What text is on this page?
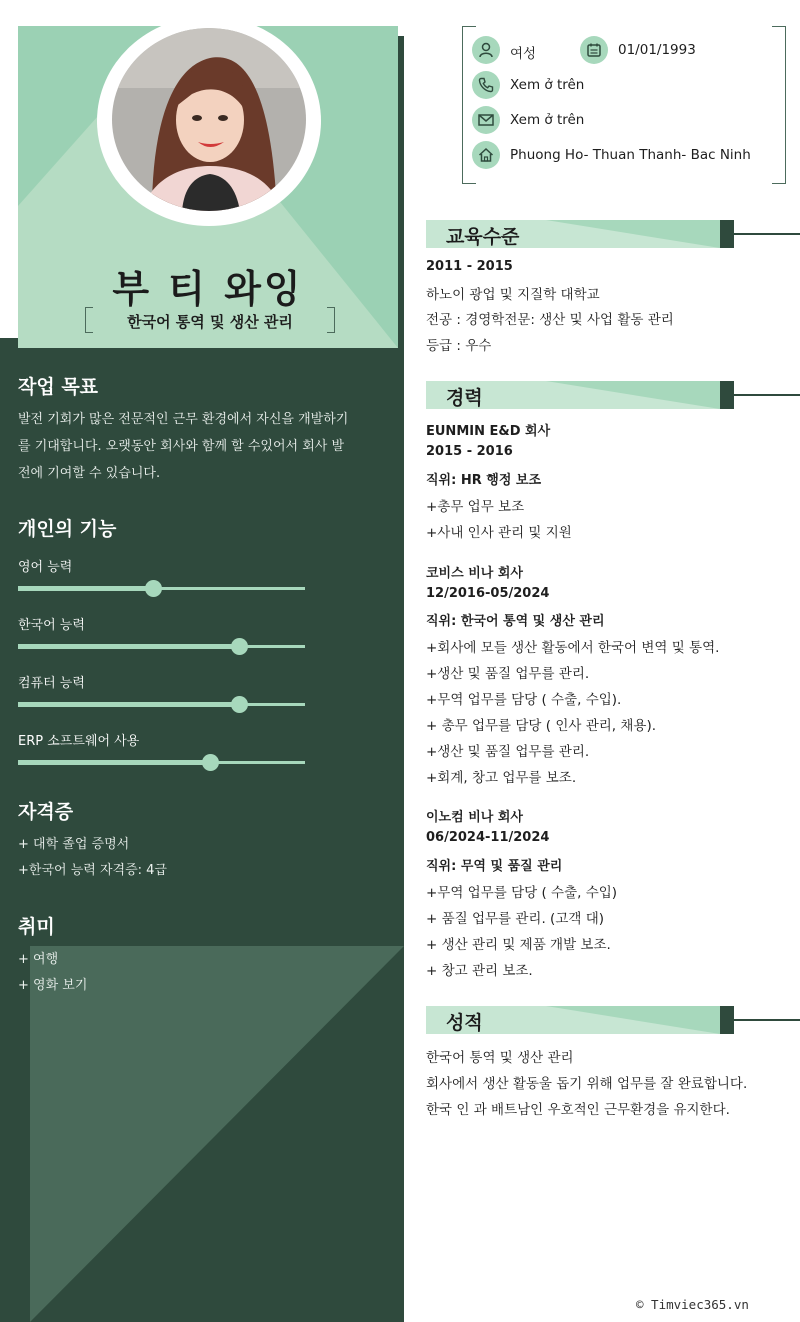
부 티 와잉
한국어 통역 및 생산 관리
작업 목표
발전 기회가 많은 전문적인 근무 환경에서 자신을 개발하기
를 기대합니다. 오랫동안 회사와 함께 할 수있어서 회사 발
전에 기여할 수 있습니다.
개인의 기능
영어 능력
한국어 능력
컴퓨터 능력
ERP 소프트웨어 사용
자격증
+ 대학 졸업 증명서
+한국어 능력 자격증: 4급
취미
+ 여행
+ 영화 보기
여성	01/01/1993
Xem ở trên
Xem ở trên
Phuong Ho- Thuan Thanh- Bac Ninh
교육수준
2011 - 2015
하노이 광업 및 지질학 대학교
전공 : 경영학전문: 생산 및 사업 활동 관리
등급 : 우수
경력
EUNMIN E&D 회사
2015 - 2016
직위: HR 행정 보조
+총무 업무 보조
+사내 인사 관리 및 지원
코비스 비나 회사
12/2016-05/2024
직위: 한국어 통역 및 생산 관리
+회사에 모들 생산 활동에서 한국어 변역 및 통역.
+생산 및 품질 업무를 관리.
+무역 업무를 담당 ( 수출, 수입).
+ 총무 업무를 담당 ( 인사 관리, 채용).
+생산 및 품질 업무를 관리.
+회계, 창고 업무를 보조.
이노컴 비나 회사
06/2024-11/2024
직위: 무역 및 품질 관리
+무역 업무를 담당 ( 수출, 수입)
+ 품질 업무를 관리. (고객 대)
+ 생산 관리 및 제품 개발 보조.
+ 창고 관리 보조.
성적
한국어 통역 및 생산 관리
회사에서 생산 활동울 돕기 위해 업무를 잘 완료합니다.
한국 인 과 배트남인 우호적인 근무환경을 유지한다.
© Timviec365.vn
